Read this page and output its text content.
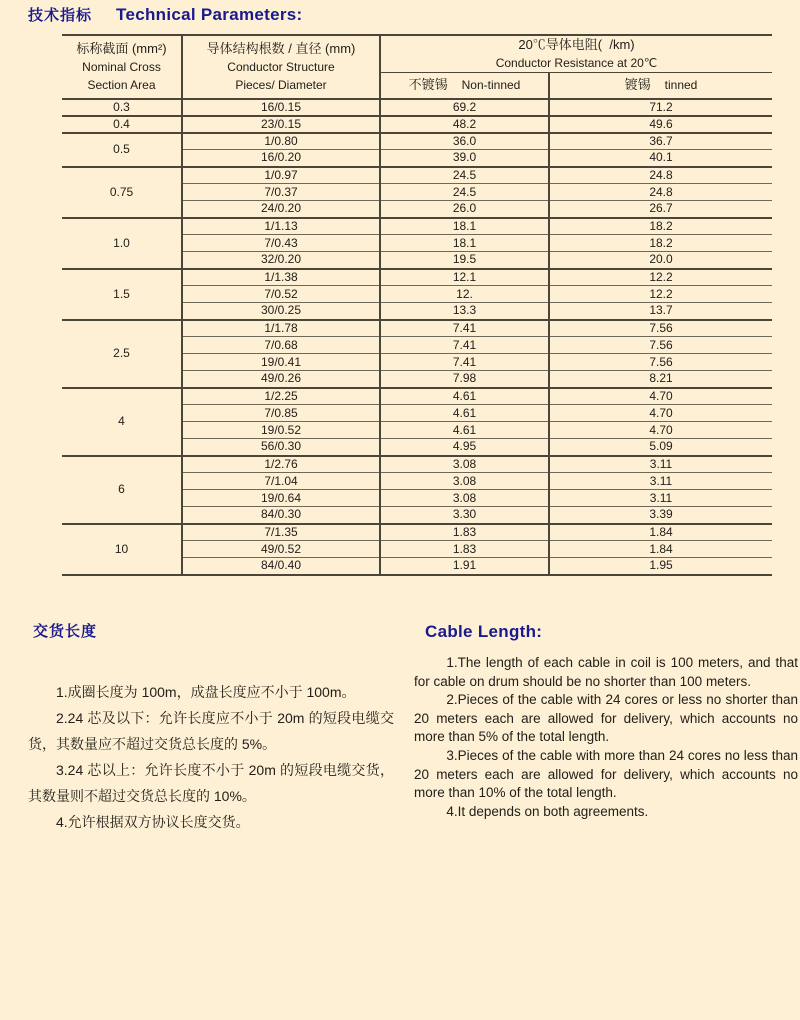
技术指标 Technical Parameters:
标称截面 (mm²)
Nominal Cross
Section Area

导体结构根数 / 直径 (mm)
Conductor Structure
Pieces/ Diameter

20℃导体电阻(  /km)
Conductor Resistance at 20℃

		不镀锡 Non-tinned	镀锡 tinned

0.3	16/0.15	69.2	71.2
0.4	23/0.15	48.2	49.6
0.5	1/0.80	36.0	36.7
	16/0.20	39.0	40.1
0.75	1/0.97	24.5	24.8
	7/0.37	24.5	24.8
	24/0.20	26.0	26.7
1.0	1/1.13	18.1	18.2
	7/0.43	18.1	18.2
	32/0.20	19.5	20.0
1.5	1/1.38	12.1	12.2
	7/0.52	12.	12.2
	30/0.25	13.3	13.7
2.5	1/1.78	7.41	7.56
	7/0.68	7.41	7.56
	19/0.41	7.41	7.56
	49/0.26	7.98	8.21
4	1/2.25	4.61	4.70
	7/0.85	4.61	4.70
	19/0.52	4.61	4.70
	56/0.30	4.95	5.09
6	1/2.76	3.08	3.11
	7/1.04	3.08	3.11
	19/0.64	3.08	3.11
	84/0.30	3.30	3.39
10	7/1.35	1.83	1.84
	49/0.52	1.83	1.84
	84/0.40	1.91	1.95
交货长度

1.成圈长度为 100m，成盘长度应不小于 100m。

2.24 芯及以下：允许长度应不小于 20m 的短段电缆交货，其数量应不超过交货总长度的 5%。

3.24 芯以上：允许长度不小于 20m 的短段电缆交货，其数量则不超过交货总长度的 10%。

4.允许根据双方协议长度交货。

Cable Length:

1.The length of each cable in coil is 100 meters, and that for cable on drum should be no shorter than 100 meters.

2.Pieces of the cable with 24 cores or less no shorter than 20 meters each are allowed for delivery, which accounts no more than 5% of the total length.

3.Pieces of the cable with more than 24 cores no less than 20 meters each are allowed for delivery, which accounts no more than 10% of the total length.

4.It depends on both agreements.
